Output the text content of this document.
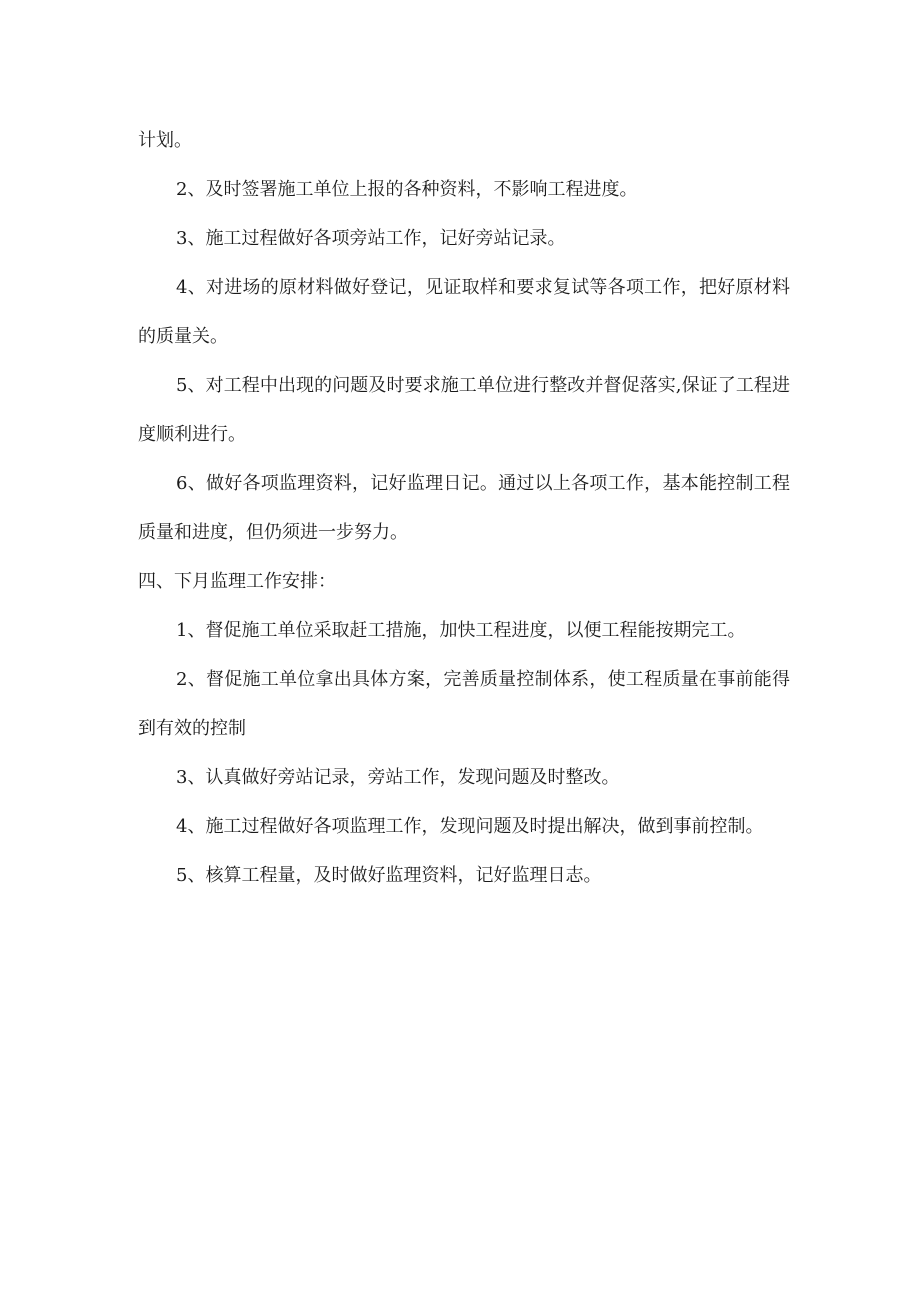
计划。

2、及时签署施工单位上报的各种资料，不影响工程进度。

3、施工过程做好各项旁站工作，记好旁站记录。

4、对进场的原材料做好登记，见证取样和要求复试等各项工作，把好原材料的质量关。

5、对工程中出现的问题及时要求施工单位进行整改并督促落实,保证了工程进度顺利进行。

6、做好各项监理资料，记好监理日记。通过以上各项工作，基本能控制工程质量和进度，但仍须进一步努力。

四、下月监理工作安排：

1、督促施工单位采取赶工措施，加快工程进度，以便工程能按期完工。

2、督促施工单位拿出具体方案，完善质量控制体系，使工程质量在事前能得到有效的控制

3、认真做好旁站记录，旁站工作，发现问题及时整改。

4、施工过程做好各项监理工作，发现问题及时提出解决，做到事前控制。

5、核算工程量，及时做好监理资料，记好监理日志。
